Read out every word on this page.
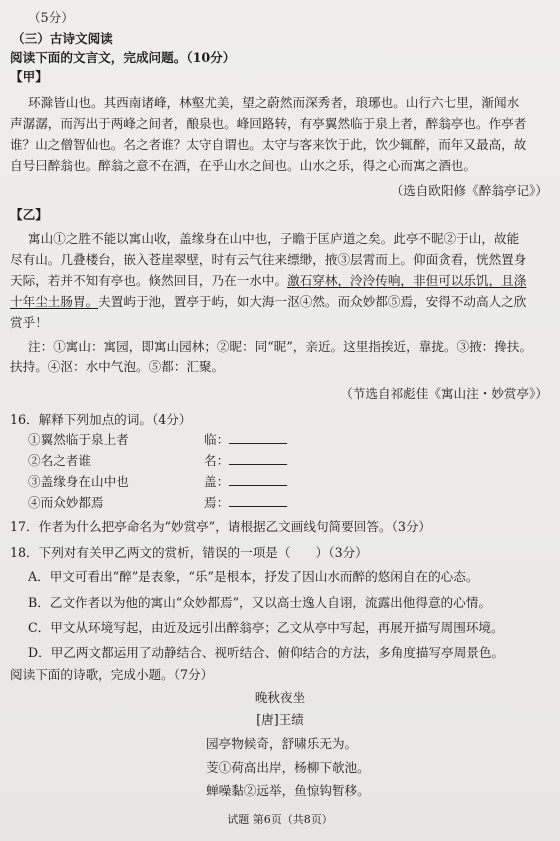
（5分）
（三）古诗文阅读
阅读下面的文言文，完成问题。（10分）
【甲】
环滁皆山也。其西南诸峰，林壑尤美，望之蔚然而深秀者，琅琊也。山行六七里，渐闻水
声潺潺，而泻出于两峰之间者，酿泉也。峰回路转，有亭翼然临于泉上者，醉翁亭也。作亭者
谁？山之僧智仙也。名之者谁？太守自谓也。太守与客来饮于此，饮少辄醉，而年又最高，故
自号曰醉翁也。醉翁之意不在酒，在乎山水之间也。山水之乐，得之心而寓之酒也。
（选自欧阳修《醉翁亭记》）
【乙】
寓山①之胜不能以寓山收，盖缘身在山中也，子瞻于匡庐道之矣。此亭不昵②于山，故能
尽有山。几叠楼台，嵌入苍崖翠壁，时有云气往来缥缈，掖③层霄而上。仰面贪看，恍然置身
天际，若并不知有亭也。倏然回目，乃在一水中。激石穿林，泠泠传响，非但可以乐饥，且涤
十年尘土肠胃。夫置屿于池，置亭于屿，如大海一沤④然。而众妙都⑤焉，安得不动高人之欣
赏乎！
注：①寓山：寓园，即寓山园林；②昵：同“昵”，亲近。这里指挨近，靠拢。③掖：搀扶。
扶持。④沤：水中气泡。⑤都：汇聚。
（节选自祁彪佳《寓山注・妙赏亭》）
16．解释下列加点的词。（4分）
①翼然临于泉上者	临：
②名之者谁	名：
③盖缘身在山中也	盖：
④而众妙都焉	焉：
17．作者为什么把亭命名为“妙赏亭”，请根据乙文画线句简要回答。（3分）
18．下列对有关甲乙两文的赏析，错误的一项是（　　）（3分）
A．甲文可看出“醉”是表象，“乐”是根本，抒发了因山水而醉的悠闲自在的心态。
B．乙文作者以为他的寓山“众妙都焉”，又以高士逸人自诩，流露出他得意的心情。
C．甲文从环境写起，由近及远引出醉翁亭；乙文从亭中写起，再展开描写周围环境。
D．甲乙两文都运用了动静结合、视听结合、俯仰结合的方法，多角度描写亭周景色。
阅读下面的诗歌，完成小题。（7分）
晚秋夜坐
[唐]王绩
园亭物候奇，舒啸乐无为。
芰①荷高出岸，杨柳下欹池。
蝉噪黏②远举，鱼惊钩暂移。
试题 第6页（共8页）
